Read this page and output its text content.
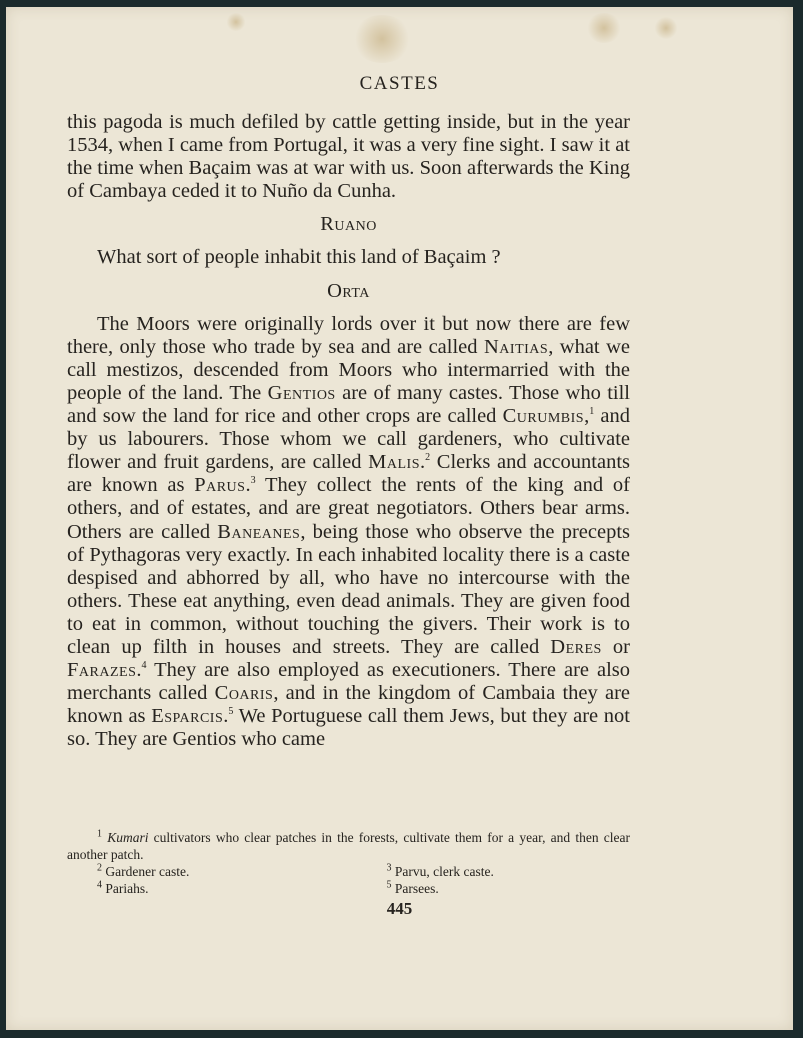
CASTES

this pagoda is much defiled by cattle getting inside, but in the year 1534, when I came from Portugal, it was a very fine sight. I saw it at the time when Baçaim was at war with us. Soon afterwards the King of Cambaya ceded it to Nuño da Cunha.

Ruano

What sort of people inhabit this land of Baçaim ?

Orta

The Moors were originally lords over it but now there are few there, only those who trade by sea and are called Naitias, what we call mestizos, descended from Moors who intermarried with the people of the land. The Gentios are of many castes. Those who till and sow the land for rice and other crops are called Curumbis,$^1$ and by us labourers. Those whom we call gardeners, who cultivate flower and fruit gardens, are called Malis.$^2$ Clerks and accountants are known as Parus.$^3$ They collect the rents of the king and of others, and of estates, and are great negotiators. Others bear arms. Others are called Baneanes, being those who observe the precepts of Pythagoras very exactly. In each inhabited locality there is a caste despised and abhorred by all, who have no intercourse with the others. These eat anything, even dead animals. They are given food to eat in common, without touching the givers. Their work is to clean up filth in houses and streets. They are called Deres or Farazes.$^4$ They are also employed as executioners. There are also merchants called Coaris, and in the kingdom of Cambaia they are known as Esparcis.$^5$ We Portuguese call them Jews, but they are not so. They are Gentios who came

$^1$ Kumari cultivators who clear patches in the forests, cultivate them for a year, and then clear another patch.

$^2$ Gardener caste.	$^3$ Parvu, clerk caste.
$^4$ Pariahs.	$^5$ Parsees.
445
